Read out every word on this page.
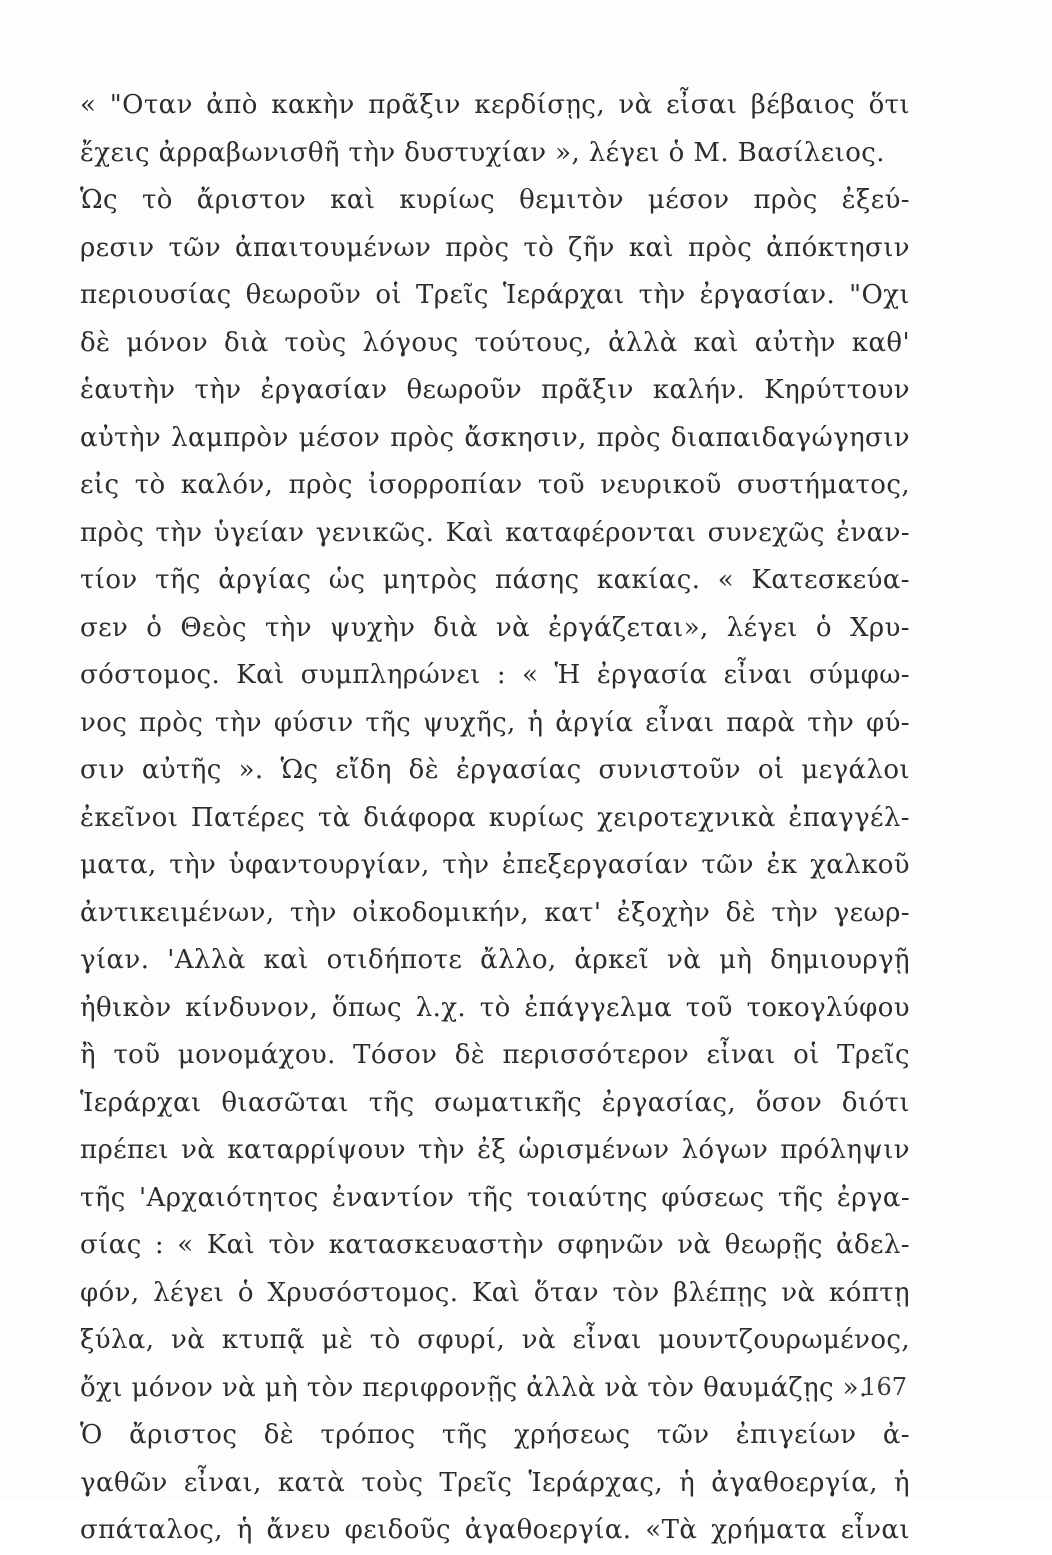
« "Οταν ἀπὸ κακὴν πρᾶξιν κερδίσῃς, νὰ εἶσαι βέβαιος ὅτι
ἔχεις ἀρραβωνισθῆ τὴν δυστυχίαν », λέγει ὁ Μ. Βασίλειος.
Ὡς τὸ ἄριστον καὶ κυρίως θεμιτὸν μέσον πρὸς ἐξεύ-
ρεσιν τῶν ἀπαιτουμένων πρὸς τὸ ζῆν καὶ πρὸς ἀπόκτησιν
περιουσίας θεωροῦν οἱ Τρεῖς Ἱεράρχαι τὴν ἐργασίαν. "Οχι
δὲ μόνον διὰ τοὺς λόγους τούτους, ἀλλὰ καὶ αὐτὴν καθ'
ἑαυτὴν τὴν ἐργασίαν θεωροῦν πρᾶξιν καλήν. Κηρύττουν
αὐτὴν λαμπρὸν μέσον πρὸς ἄσκησιν, πρὸς διαπαιδαγώγησιν
εἰς τὸ καλόν, πρὸς ἰσορροπίαν τοῦ νευρικοῦ συστήματος,
πρὸς τὴν ὑγείαν γενικῶς. Καὶ καταφέρονται συνεχῶς ἐναν-
τίον τῆς ἀργίας ὡς μητρὸς πάσης κακίας. « Κατεσκεύα-
σεν ὁ Θεὸς τὴν ψυχὴν διὰ νὰ ἐργάζεται», λέγει ὁ Χρυ-
σόστομος. Καὶ συμπληρώνει : « Ἡ ἐργασία εἶναι σύμφω-
νος πρὸς τὴν φύσιν τῆς ψυχῆς, ἡ ἀργία εἶναι παρὰ τὴν φύ-
σιν αὐτῆς ». Ὡς εἴδη δὲ ἐργασίας συνιστοῦν οἱ μεγάλοι
ἐκεῖνοι Πατέρες τὰ διάφορα κυρίως χειροτεχνικὰ ἐπαγγέλ-
ματα, τὴν ὑφαντουργίαν, τὴν ἐπεξεργασίαν τῶν ἐκ χαλκοῦ
ἀντικειμένων, τὴν οἰκοδομικήν, κατ' ἐξοχὴν δὲ τὴν γεωρ-
γίαν. 'Αλλὰ καὶ οτιδήποτε ἄλλο, ἀρκεῖ νὰ μὴ δημιουργῇ
ἠθικὸν κίνδυνον, ὅπως λ.χ. τὸ ἐπάγγελμα τοῦ τοκογλύφου
ἢ τοῦ μονομάχου. Τόσον δὲ περισσότερον εἶναι οἱ Τρεῖς
Ἱεράρχαι θιασῶται τῆς σωματικῆς ἐργασίας, ὅσον διότι
πρέπει νὰ καταρρίψουν τὴν ἐξ ὡρισμένων λόγων πρόληψιν
τῆς 'Αρχαιότητος ἐναντίον τῆς τοιαύτης φύσεως τῆς ἐργα-
σίας : « Καὶ τὸν κατασκευαστὴν σφηνῶν νὰ θεωρῇς ἀδελ-
φόν, λέγει ὁ Χρυσόστομος. Καὶ ὅταν τὸν βλέπῃς νὰ κόπτῃ
ξύλα, νὰ κτυπᾷ μὲ τὸ σφυρί, νὰ εἶναι μουντζουρωμένος,
ὄχι μόνον νὰ μὴ τὸν περιφρονῇς ἀλλὰ νὰ τὸν θαυμάζῃς ».
Ὁ ἄριστος δὲ τρόπος τῆς χρήσεως τῶν ἐπιγείων ἀ-
γαθῶν εἶναι, κατὰ τοὺς Τρεῖς Ἱεράρχας, ἡ ἀγαθοεργία, ἡ
σπάταλος, ἡ ἄνευ φειδοῦς ἀγαθοεργία. «Τὰ χρήματα εἶναι
167
